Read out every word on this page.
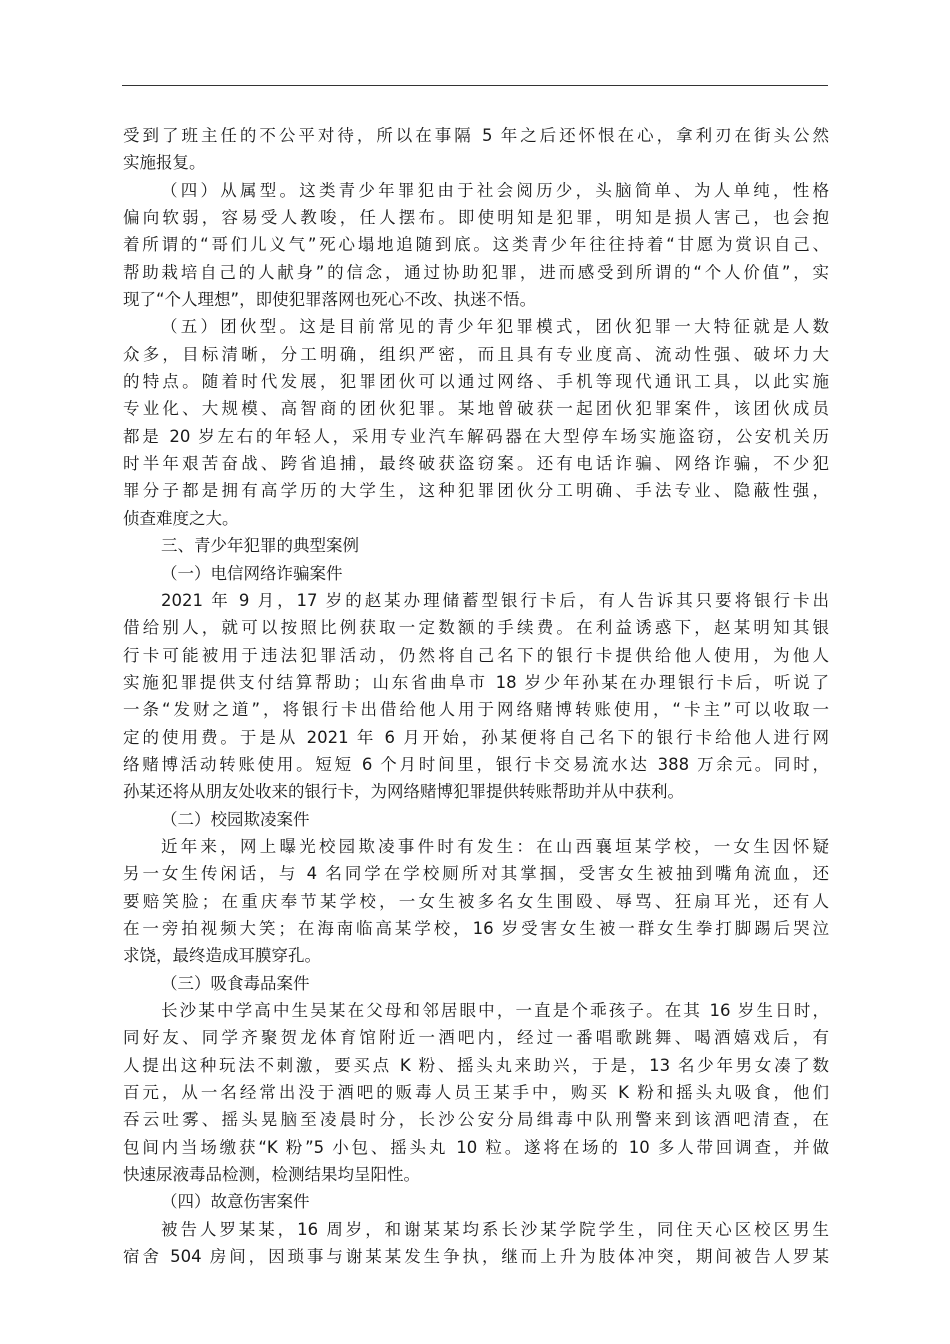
受到了班主任的不公平对待，所以在事隔 5 年之后还怀恨在心，拿利刃在街头公然
实施报复。
（四）从属型。这类青少年罪犯由于社会阅历少，头脑简单、为人单纯，性格
偏向软弱，容易受人教唆，任人摆布。即使明知是犯罪，明知是损人害己，也会抱
着所谓的“哥们儿义气”死心塌地追随到底。这类青少年往往持着“甘愿为赏识自己、
帮助栽培自己的人献身”的信念，通过协助犯罪，进而感受到所谓的“个人价值”，实
现了“个人理想”，即使犯罪落网也死心不改、执迷不悟。
（五）团伙型。这是目前常见的青少年犯罪模式，团伙犯罪一大特征就是人数
众多，目标清晰，分工明确，组织严密，而且具有专业度高、流动性强、破坏力大
的特点。随着时代发展，犯罪团伙可以通过网络、手机等现代通讯工具，以此实施
专业化、大规模、高智商的团伙犯罪。某地曾破获一起团伙犯罪案件，该团伙成员
都是 20 岁左右的年轻人，采用专业汽车解码器在大型停车场实施盗窃，公安机关历
时半年艰苦奋战、跨省追捕，最终破获盗窃案。还有电话诈骗、网络诈骗，不少犯
罪分子都是拥有高学历的大学生，这种犯罪团伙分工明确、手法专业、隐蔽性强，
侦查难度之大。
三、青少年犯罪的典型案例
（一）电信网络诈骗案件
2021 年 9 月，17 岁的赵某办理储蓄型银行卡后，有人告诉其只要将银行卡出
借给别人，就可以按照比例获取一定数额的手续费。在利益诱惑下，赵某明知其银
行卡可能被用于违法犯罪活动，仍然将自己名下的银行卡提供给他人使用，为他人
实施犯罪提供支付结算帮助；山东省曲阜市 18 岁少年孙某在办理银行卡后，听说了
一条“发财之道”，将银行卡出借给他人用于网络赌博转账使用，“卡主”可以收取一
定的使用费。于是从 2021 年 6 月开始，孙某便将自己名下的银行卡给他人进行网
络赌博活动转账使用。短短 6 个月时间里，银行卡交易流水达 388 万余元。同时，
孙某还将从朋友处收来的银行卡，为网络赌博犯罪提供转账帮助并从中获利。
（二）校园欺凌案件
近年来，网上曝光校园欺凌事件时有发生：在山西襄垣某学校，一女生因怀疑
另一女生传闲话，与 4 名同学在学校厕所对其掌掴，受害女生被抽到嘴角流血，还
要赔笑脸；在重庆奉节某学校，一女生被多名女生围殴、辱骂、狂扇耳光，还有人
在一旁拍视频大笑；在海南临高某学校，16 岁受害女生被一群女生拳打脚踢后哭泣
求饶，最终造成耳膜穿孔。
（三）吸食毒品案件
长沙某中学高中生吴某在父母和邻居眼中，一直是个乖孩子。在其 16 岁生日时，
同好友、同学齐聚贺龙体育馆附近一酒吧内，经过一番唱歌跳舞、喝酒嬉戏后，有
人提出这种玩法不刺激，要买点 K 粉、摇头丸来助兴，于是，13 名少年男女凑了数
百元，从一名经常出没于酒吧的贩毒人员王某手中，购买 K 粉和摇头丸吸食，他们
吞云吐雾、摇头晃脑至凌晨时分，长沙公安分局缉毒中队刑警来到该酒吧清查，在
包间内当场缴获“K 粉”5 小包、摇头丸 10 粒。遂将在场的 10 多人带回调查，并做
快速尿液毒品检测，检测结果均呈阳性。
（四）故意伤害案件
被告人罗某某，16 周岁，和谢某某均系长沙某学院学生，同住天心区校区男生
宿舍 504 房间，因琐事与谢某某发生争执，继而上升为肢体冲突，期间被告人罗某
